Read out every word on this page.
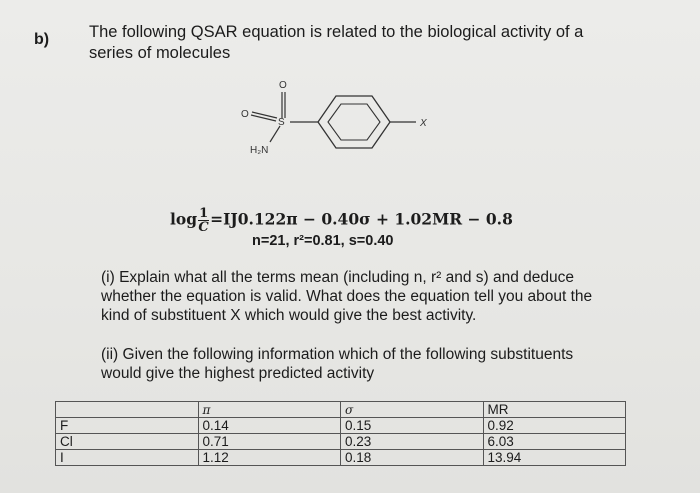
b) The following QSAR equation is related to the biological activity of a
series of molecules
O
O
S
H₂N
X
$\log \frac{1}{C}$ =Ĳ0.122π − 0.40σ + 1.02MR − 0.8
n=21, r²=0.81, s=0.40
(i) Explain what all the terms mean (including n, r² and s) and deduce
whether the equation is valid. What does the equation tell you about the
kind of substituent X which would give the best activity.
(ii) Given the following information which of the following substituents
would give the highest predicted activity
	π	σ	MR
F	0.14	0.15	0.92
Cl	0.71	0.23	6.03
I	1.12	0.18	13.94
